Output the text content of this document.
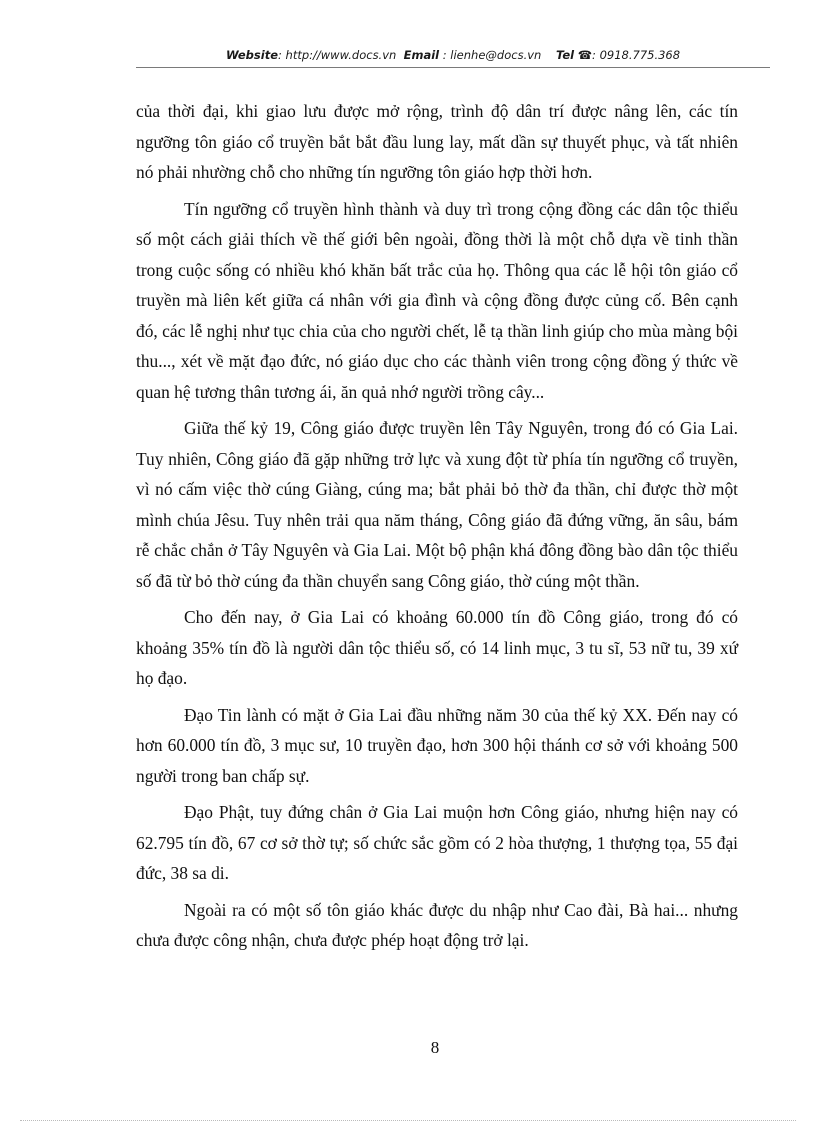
Website: http://www.docs.vn Email : lienhe@docs.vn Tel ☎: 0918.775.368

của thời đại, khi giao lưu được mở rộng, trình độ dân trí được nâng lên, các tín ngưỡng tôn giáo cổ truyền bắt bắt đầu lung lay, mất dần sự thuyết phục, và tất nhiên nó phải nhường chỗ cho những tín ngưỡng tôn giáo hợp thời hơn.

Tín ngưỡng cổ truyền hình thành và duy trì trong cộng đồng các dân tộc thiểu số một cách giải thích về thế giới bên ngoài, đồng thời là một chỗ dựa về tinh thần trong cuộc sống có nhiều khó khăn bất trắc của họ. Thông qua các lễ hội tôn giáo cổ truyền mà liên kết giữa cá nhân với gia đình và cộng đồng được củng cố. Bên cạnh đó, các lễ nghị như tục chia của cho người chết, lễ tạ thần linh giúp cho mùa màng bội thu..., xét về mặt đạo đức, nó giáo dục cho các thành viên trong cộng đồng ý thức về quan hệ tương thân tương ái, ăn quả nhớ người trồng cây...

Giữa thế kỷ 19, Công giáo được truyền lên Tây Nguyên, trong đó có Gia Lai. Tuy nhiên, Công giáo đã gặp những trở lực và xung đột từ phía tín ngưỡng cổ truyền, vì nó cấm việc thờ cúng Giàng, cúng ma; bắt phải bỏ thờ đa thần, chỉ được thờ một mình chúa Jêsu. Tuy nhên trải qua năm tháng, Công giáo đã đứng vững, ăn sâu, bám rễ chắc chắn ở Tây Nguyên và Gia Lai. Một bộ phận khá đông đồng bào dân tộc thiểu số đã từ bỏ thờ cúng đa thần chuyển sang Công giáo, thờ cúng một thần.

Cho đến nay, ở Gia Lai có khoảng 60.000 tín đồ Công giáo, trong đó có khoảng 35% tín đồ là người dân tộc thiểu số, có 14 linh mục, 3 tu sĩ, 53 nữ tu, 39 xứ họ đạo.

Đạo Tin lành có mặt ở Gia Lai đầu những năm 30 của thế kỷ XX. Đến nay có hơn 60.000 tín đồ, 3 mục sư, 10 truyền đạo, hơn 300 hội thánh cơ sở với khoảng 500 người trong ban chấp sự.

Đạo Phật, tuy đứng chân ở Gia Lai muộn hơn Công giáo, nhưng hiện nay có 62.795 tín đồ, 67 cơ sở thờ tự; số chức sắc gồm có 2 hòa thượng, 1 thượng tọa, 55 đại đức, 38 sa di.

Ngoài ra có một số tôn giáo khác được du nhập như Cao đài, Bà hai... nhưng chưa được công nhận, chưa được phép hoạt động trở lại.

8
